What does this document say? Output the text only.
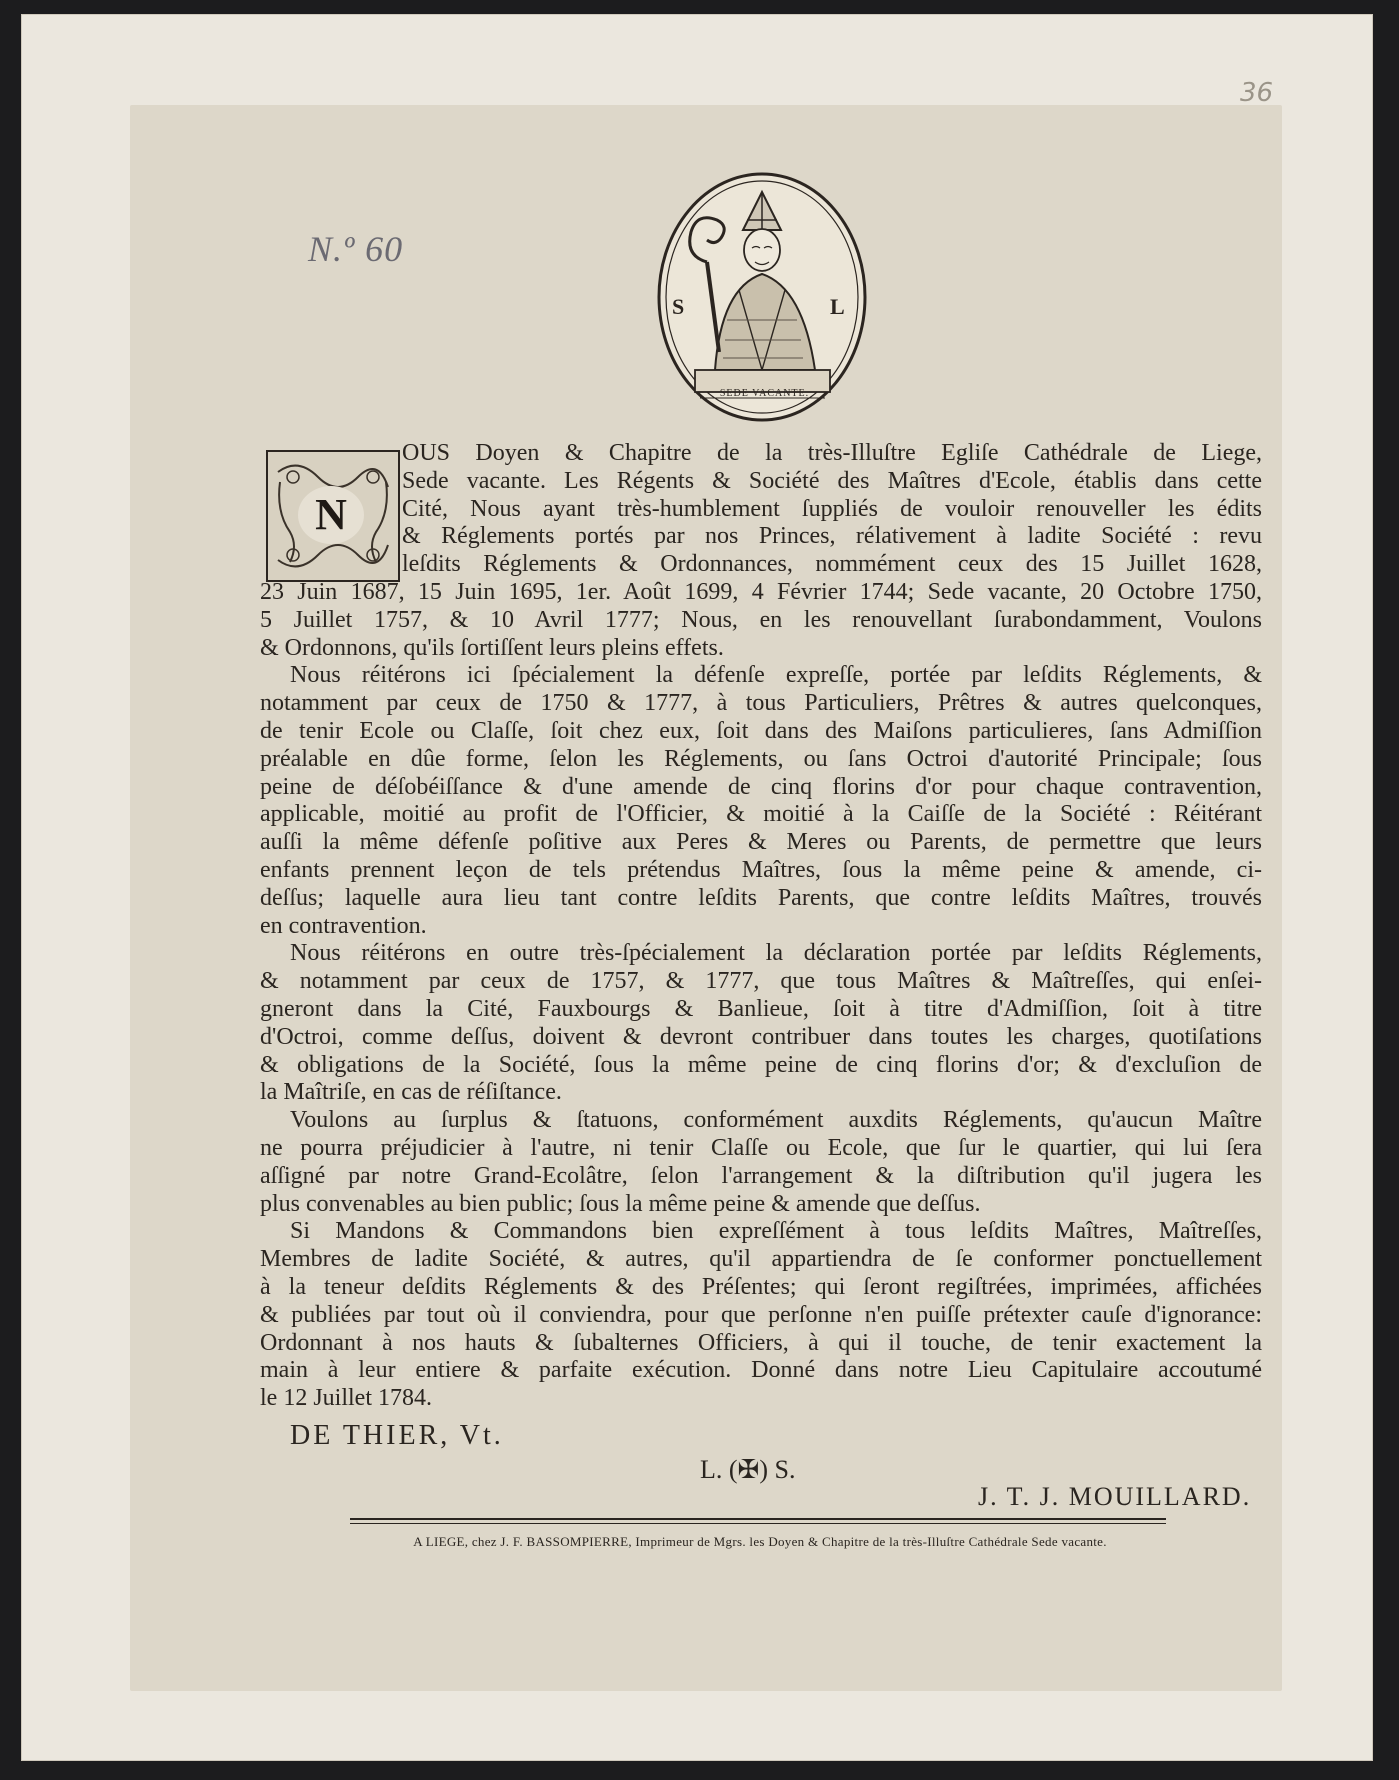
36
N.º 60
S	L
SEDE VACANTE.
N
OUS Doyen & Chapitre de la très-Illuſtre Egliſe Cathédrale de Liege,
Sede vacante. Les Régents & Société des Maîtres d'Ecole, établis dans cette
Cité, Nous ayant très-humblement ſuppliés de vouloir renouveller les édits
& Réglements portés par nos Princes, rélativement à ladite Société : revu
leſdits Réglements & Ordonnances, nommément ceux des 15 Juillet 1628,
23 Juin 1687, 15 Juin 1695, 1er. Août 1699, 4 Février 1744; Sede vacante, 20 Octobre 1750,
5 Juillet 1757, & 10 Avril 1777; Nous, en les renouvellant ſurabondamment, Voulons
& Ordonnons, qu'ils ſortiſſent leurs pleins effets.
Nous réitérons ici ſpécialement la défenſe expreſſe, portée par leſdits Réglements, &
notamment par ceux de 1750 & 1777, à tous Particuliers, Prêtres & autres quelconques,
de tenir Ecole ou Claſſe, ſoit chez eux, ſoit dans des Maiſons particulieres, ſans Admiſſion
préalable en dûe forme, ſelon les Réglements, ou ſans Octroi d'autorité Principale; ſous
peine de déſobéiſſance & d'une amende de cinq florins d'or pour chaque contravention,
applicable, moitié au profit de l'Officier, & moitié à la Caiſſe de la Société : Réitérant
auſſi la même défenſe poſitive aux Peres & Meres ou Parents, de permettre que leurs
enfants prennent leçon de tels prétendus Maîtres, ſous la même peine & amende, ci-
deſſus; laquelle aura lieu tant contre leſdits Parents, que contre leſdits Maîtres, trouvés
en contravention.
Nous réitérons en outre très-ſpécialement la déclaration portée par leſdits Réglements,
& notamment par ceux de 1757, & 1777, que tous Maîtres & Maîtreſſes, qui enſei-
gneront dans la Cité, Fauxbourgs & Banlieue, ſoit à titre d'Admiſſion, ſoit à titre
d'Octroi, comme deſſus, doivent & devront contribuer dans toutes les charges, quotiſations
& obligations de la Société, ſous la même peine de cinq florins d'or; & d'excluſion de
la Maîtriſe, en cas de réſiſtance.
Voulons au ſurplus & ſtatuons, conformément auxdits Réglements, qu'aucun Maître
ne pourra préjudicier à l'autre, ni tenir Claſſe ou Ecole, que ſur le quartier, qui lui ſera
aſſigné par notre Grand-Ecolâtre, ſelon l'arrangement & la diſtribution qu'il jugera les
plus convenables au bien public; ſous la même peine & amende que deſſus.
Si Mandons & Commandons bien expreſſément à tous leſdits Maîtres, Maîtreſſes,
Membres de ladite Société, & autres, qu'il appartiendra de ſe conformer ponctuellement
à la teneur deſdits Réglements & des Préſentes; qui ſeront regiſtrées, imprimées, affichées
& publiées par tout où il conviendra, pour que perſonne n'en puiſſe prétexter cauſe d'ignorance:
Ordonnant à nos hauts & ſubalternes Officiers, à qui il touche, de tenir exactement la
main à leur entiere & parfaite exécution. Donné dans notre Lieu Capitulaire accoutumé
le 12 Juillet 1784.
DE THIER, Vt.
L. (✠) S.
J. T. J. MOUILLARD.
A LIEGE, chez J. F. BASSOMPIERRE, Imprimeur de Mgrs. les Doyen & Chapitre de la très-Illuſtre Cathédrale Sede vacante.
